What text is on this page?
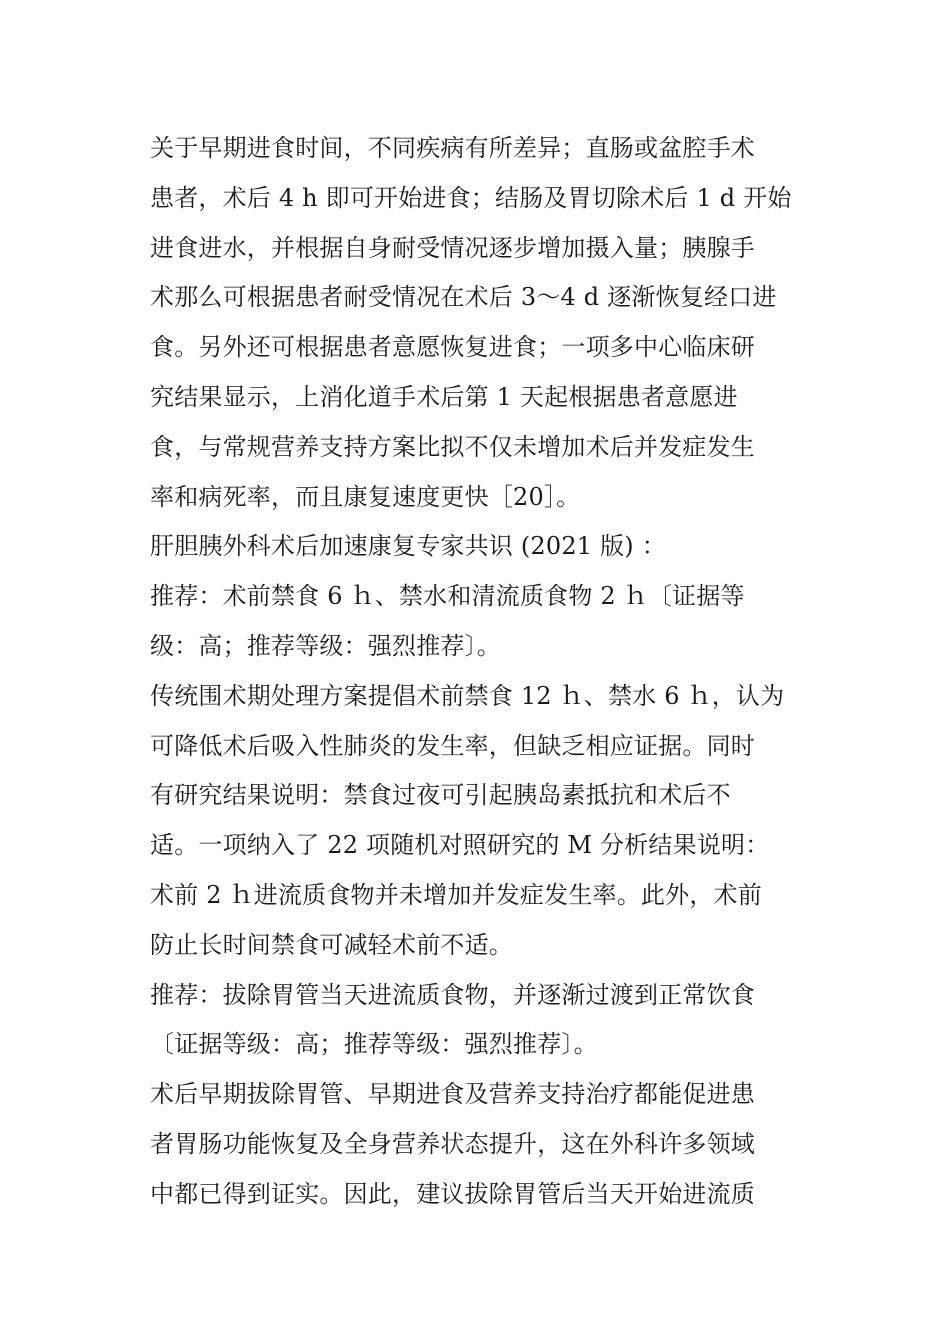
关于早期进食时间，不同疾病有所差异；直肠或盆腔手术
患者，术后 4 h 即可开始进食；结肠及胃切除术后 1 d 开始
进食进水，并根据自身耐受情况逐步增加摄入量；胰腺手
术那么可根据患者耐受情况在术后 3～4 d 逐渐恢复经口进
食。另外还可根据患者意愿恢复进食；一项多中心临床研
究结果显示，上消化道手术后第 1 天起根据患者意愿进
食，与常规营养支持方案比拟不仅未增加术后并发症发生
率和病死率，而且康复速度更快［20］。
肝胆胰外科术后加速康复专家共识 (2021 版) ：
推荐：术前禁食 6 ｈ、禁水和清流质食物 2 ｈ〔证据等
级：高；推荐等级：强烈推荐〕。
传统围术期处理方案提倡术前禁食 12 ｈ、禁水 6 ｈ，认为
可降低术后吸入性肺炎的发生率，但缺乏相应证据。同时
有研究结果说明：禁食过夜可引起胰岛素抵抗和术后不
适。一项纳入了 22 项随机对照研究的 M 分析结果说明：
术前 2 ｈ进流质食物并未增加并发症发生率。此外，术前
防止长时间禁食可减轻术前不适。
推荐：拔除胃管当天进流质食物，并逐渐过渡到正常饮食
〔证据等级：高；推荐等级：强烈推荐〕。
术后早期拔除胃管、早期进食及营养支持治疗都能促进患
者胃肠功能恢复及全身营养状态提升，这在外科许多领域
中都已得到证实。因此，建议拔除胃管后当天开始进流质
